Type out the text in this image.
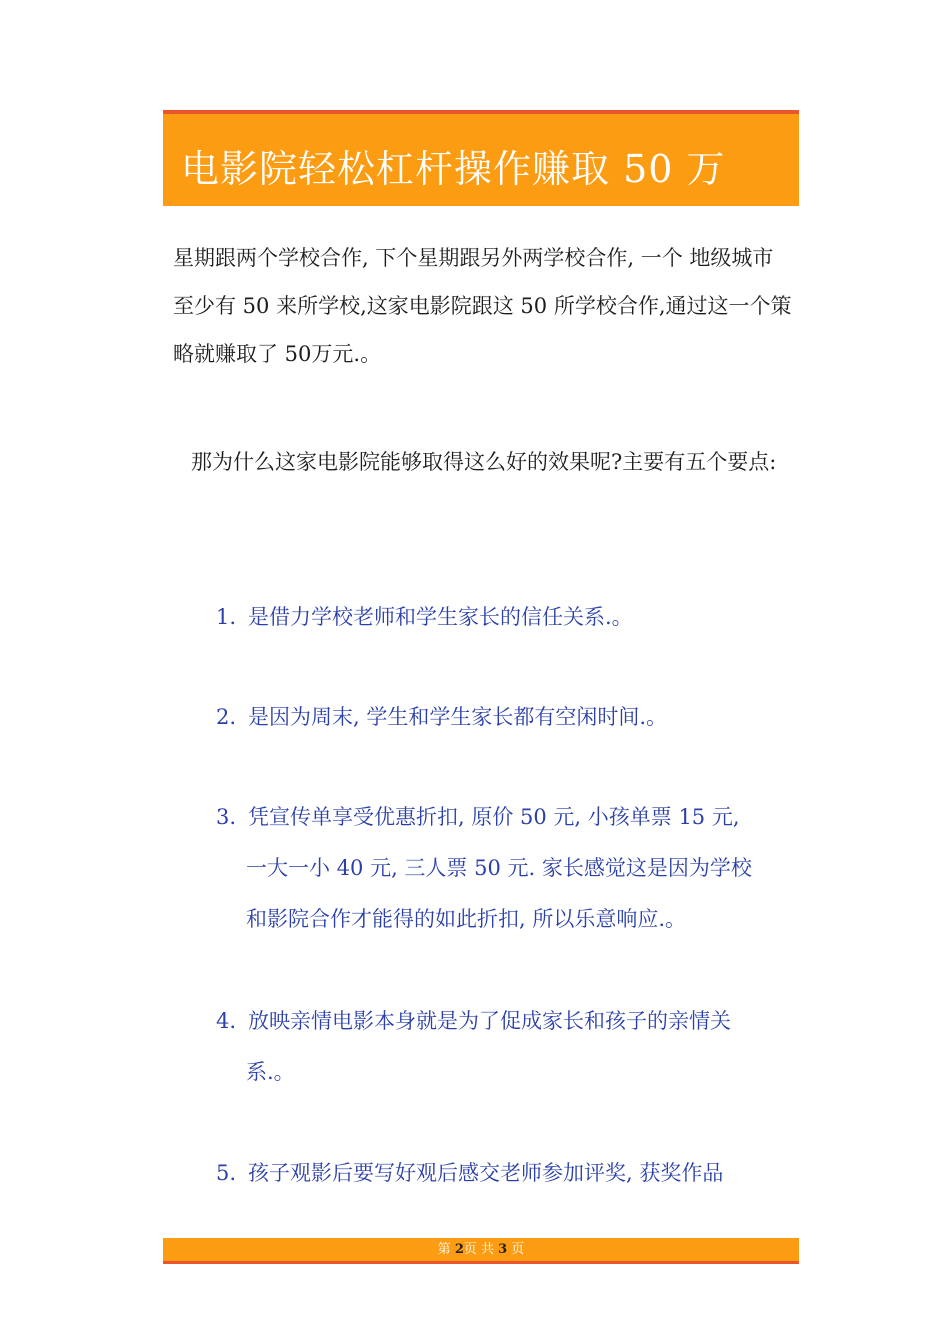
电影院轻松杠杆操作赚取 50 万

星期跟两个学校合作, 下个星期跟另外两学校合作, 一个 地级城市至少有 50 来所学校,这家电影院跟这 50 所学校合作,通过这一个策略就赚取了 50万元.。

那为什么这家电影院能够取得这么好的效果呢?主要有五个要点:

1. 是借力学校老师和学生家长的信任关系.。

2. 是因为周末, 学生和学生家长都有空闲时间.。

3. 凭宣传单享受优惠折扣, 原价 50 元, 小孩单票 15 元,
一大一小 40 元, 三人票 50 元. 家长感觉这是因为学校
和影院合作才能得的如此折扣, 所以乐意响应.。

4. 放映亲情电影本身就是为了促成家长和孩子的亲情关
系.。

5. 孩子观影后要写好观后感交老师参加评奖, 获奖作品

第 2页 共 3 页
